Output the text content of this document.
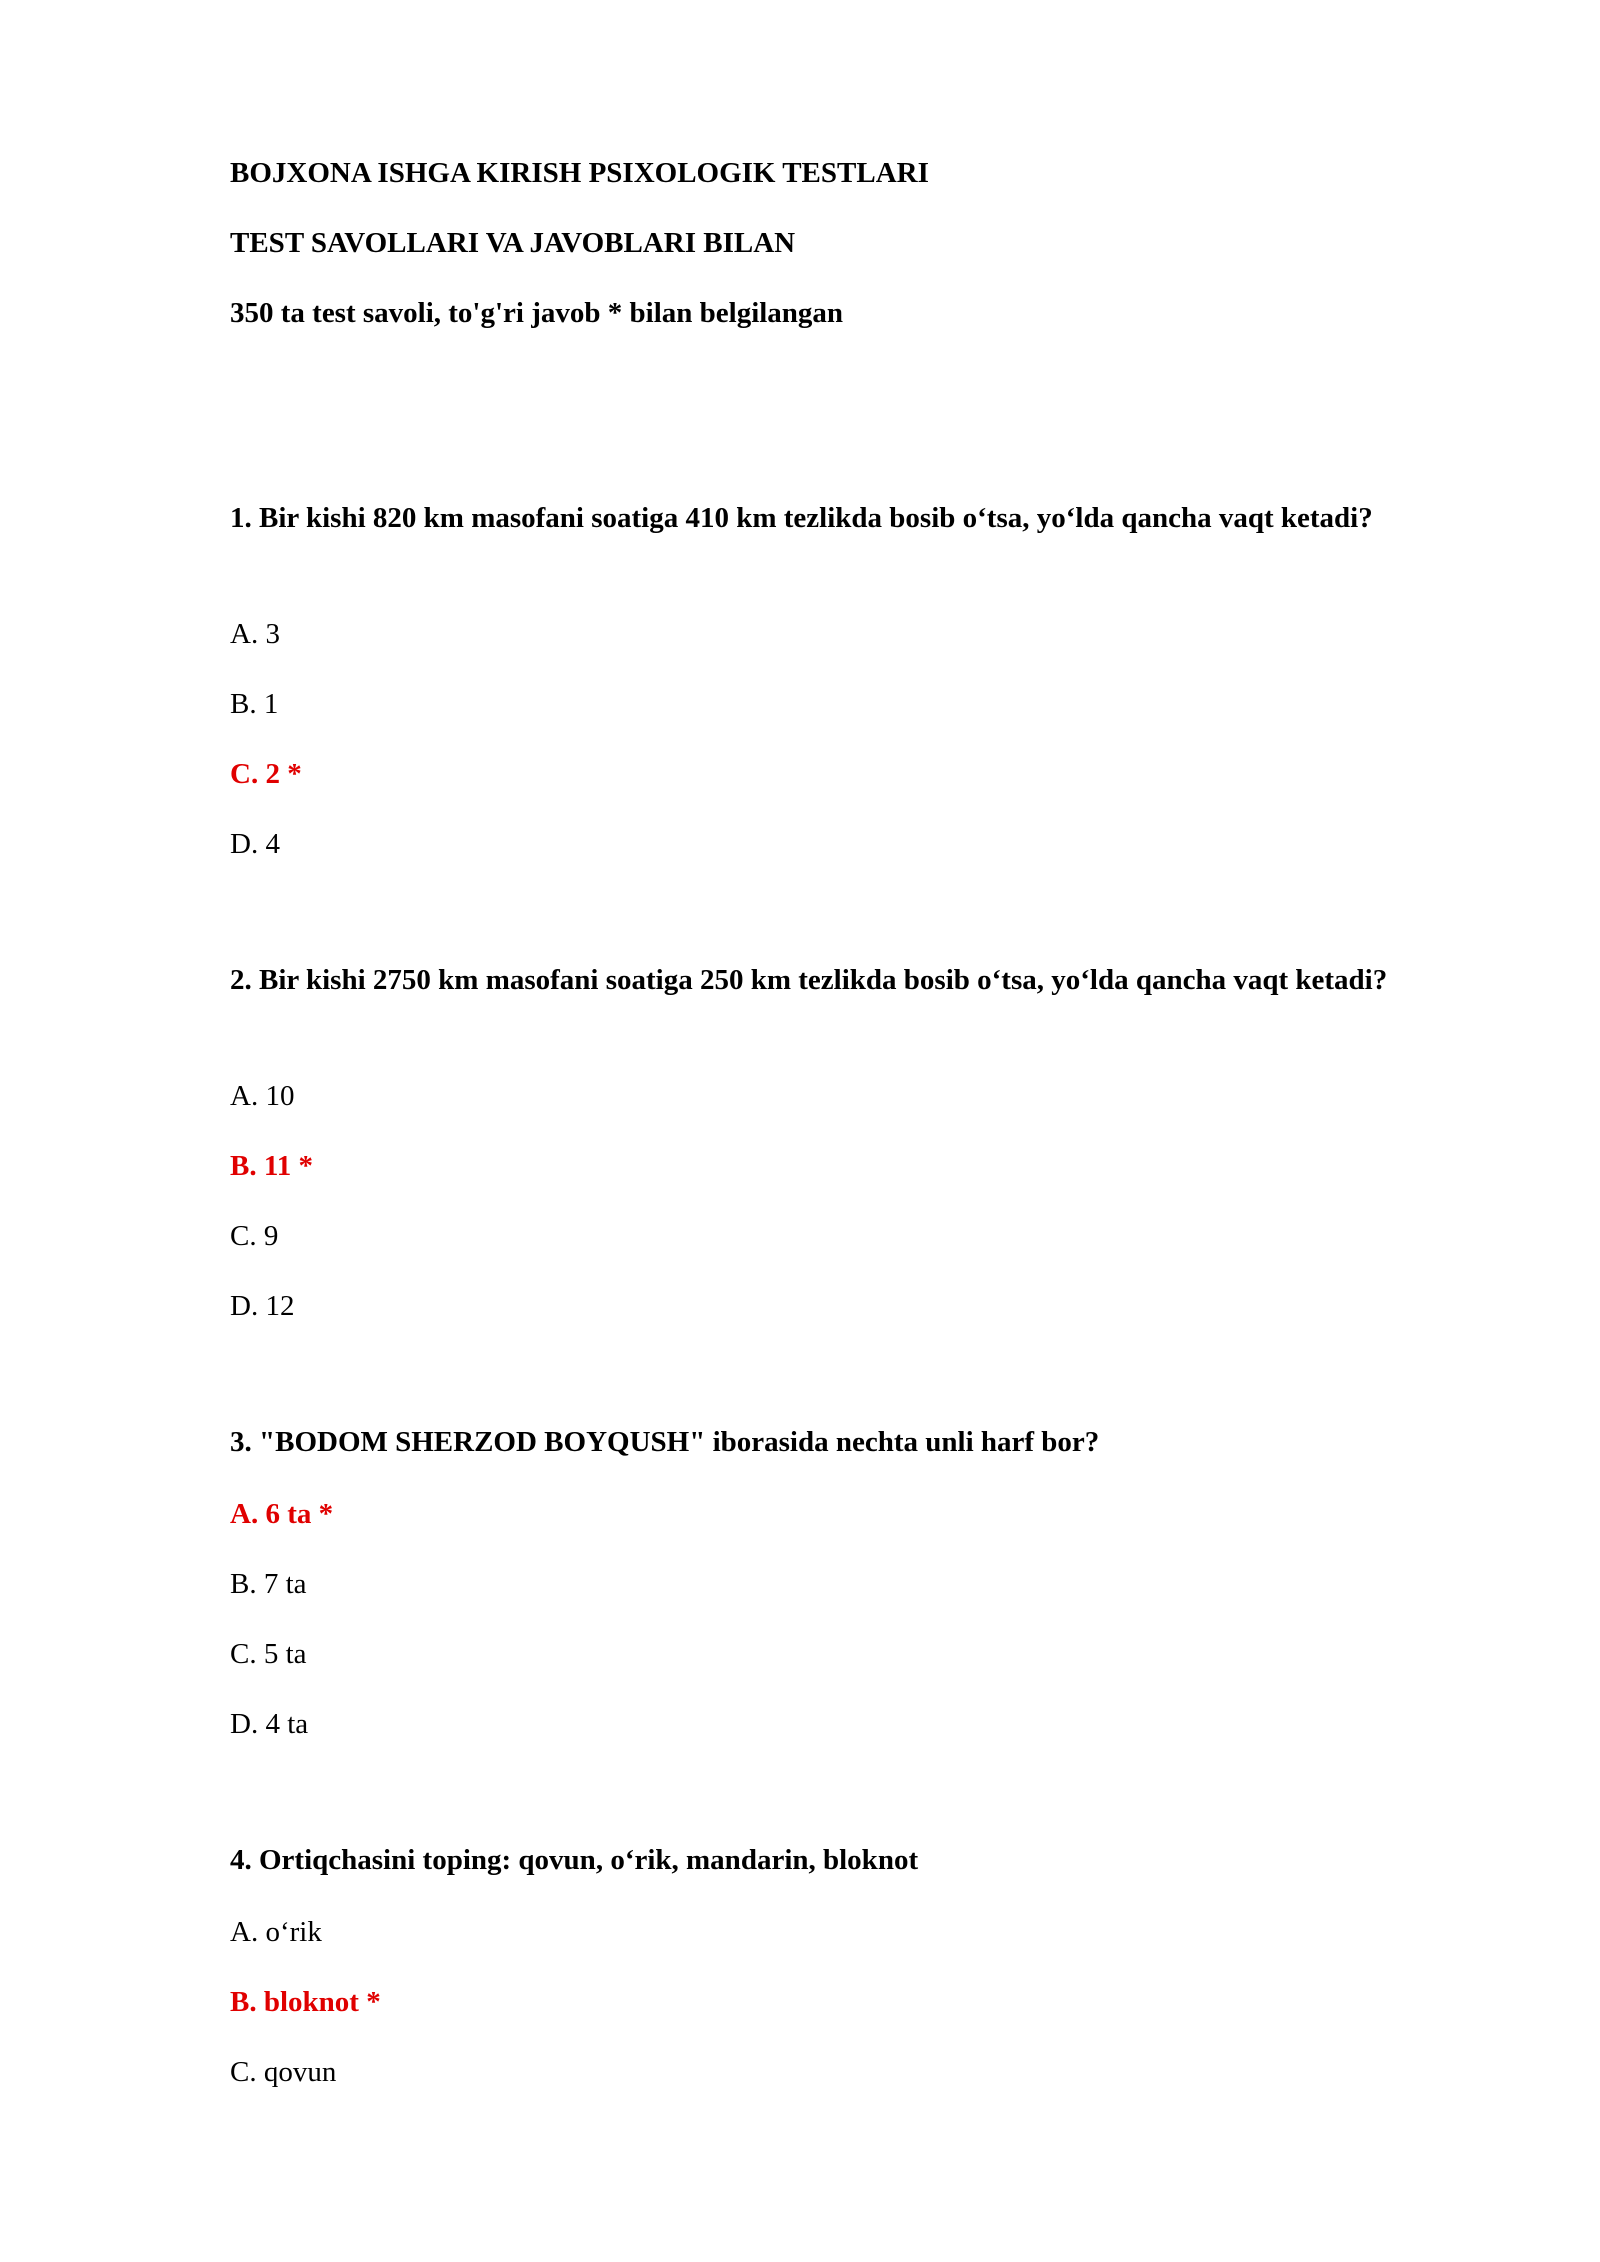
BOJXONA ISHGA KIRISH PSIXOLOGIK TESTLARI
TEST SAVOLLARI VA JAVOBLARI BILAN
350 ta test savoli, to'g'ri javob * bilan belgilangan

1. Bir kishi 820 km masofani soatiga 410 km tezlikda bosib o‘tsa, yo‘lda qancha vaqt ketadi?

A. 3

B. 1

C. 2 *

D. 4

2. Bir kishi 2750 km masofani soatiga 250 km tezlikda bosib o‘tsa, yo‘lda qancha vaqt ketadi?

A. 10

B. 11 *

C. 9

D. 12

3. "BODOM SHERZOD BOYQUSH" iborasida nechta unli harf bor?

A. 6 ta *

B. 7 ta

C. 5 ta

D. 4 ta

4. Ortiqchasini toping: qovun, o‘rik, mandarin, bloknot

A. o‘rik

B. bloknot *

C. qovun
